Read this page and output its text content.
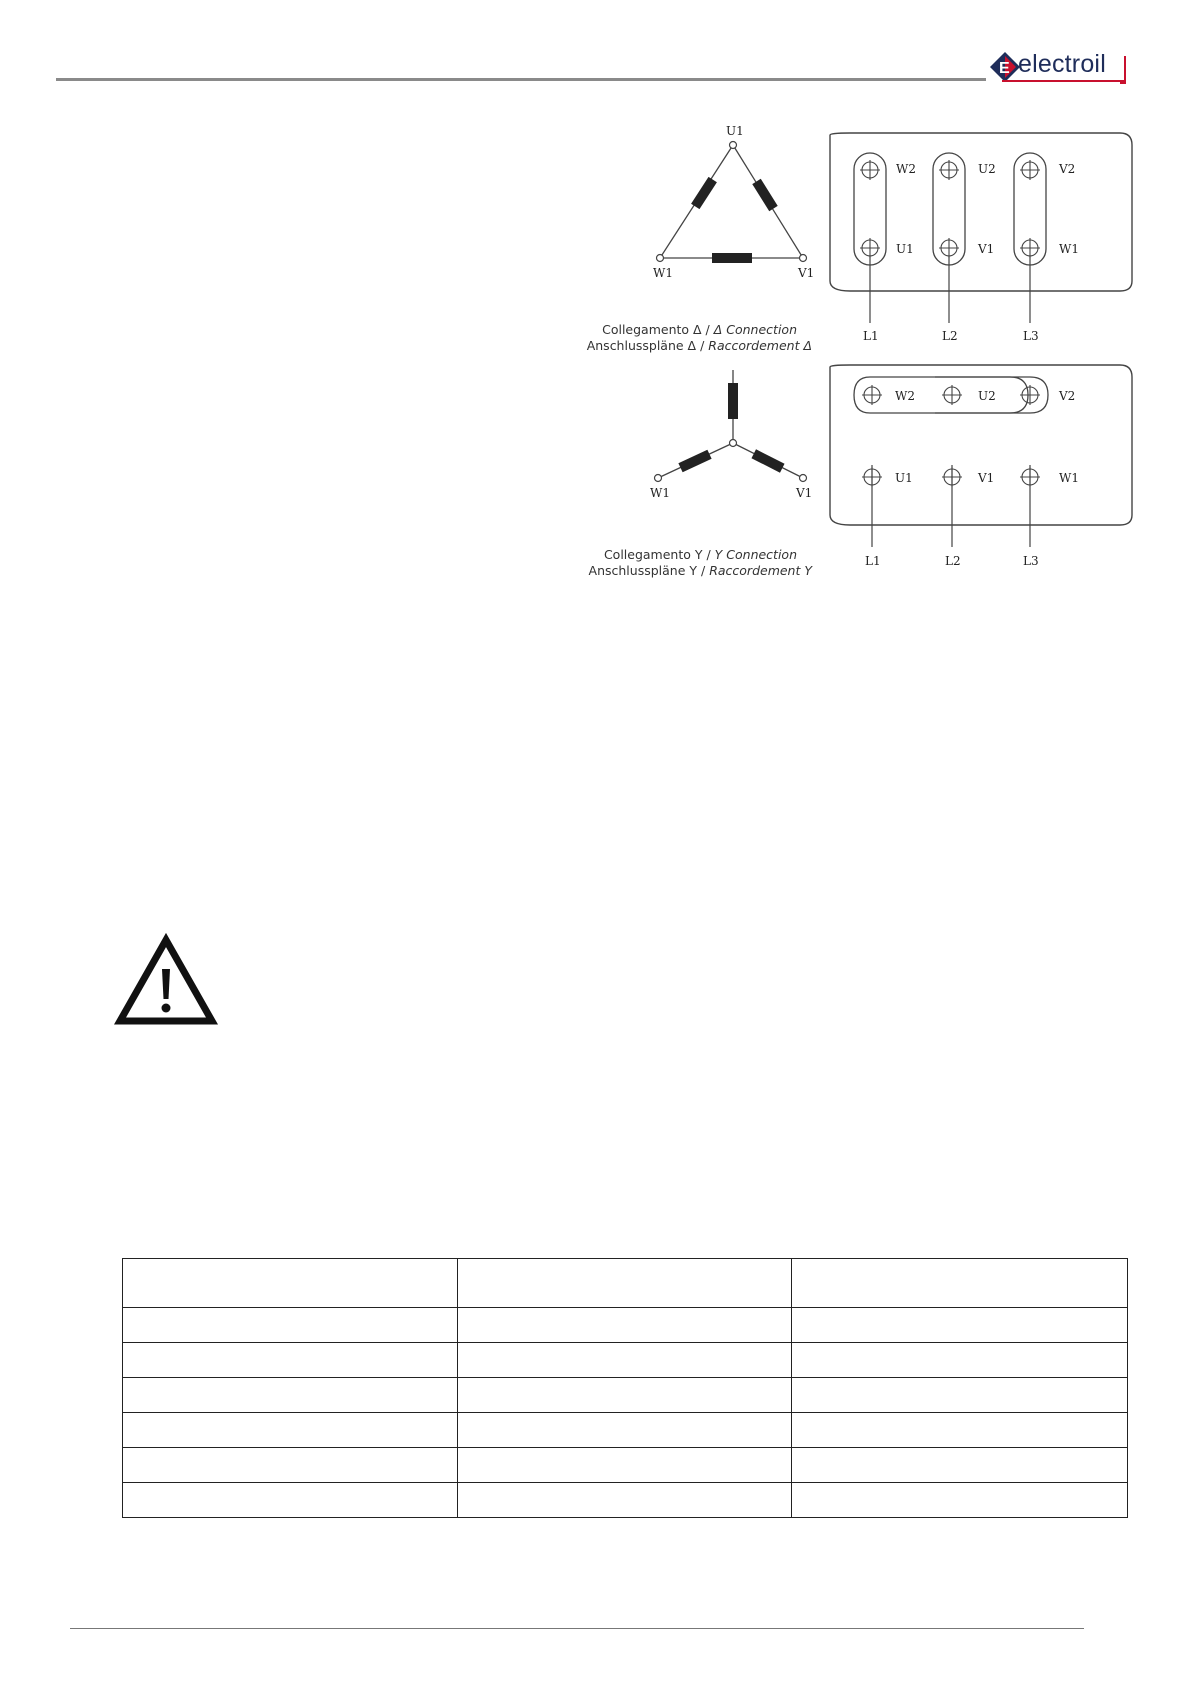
E electroil
U1
W1	V1
Collegamento Δ / Δ Connection
Anschlusspläne Δ / Raccordement Δ
W2	U2	V2
U1	V1	W1
L1	L2	L3
W1	V1
Collegamento Y / Y Connection
Anschlusspläne Y / Raccordement Y
W2	U2	V2
U1	V1	W1
L1	L2	L3
